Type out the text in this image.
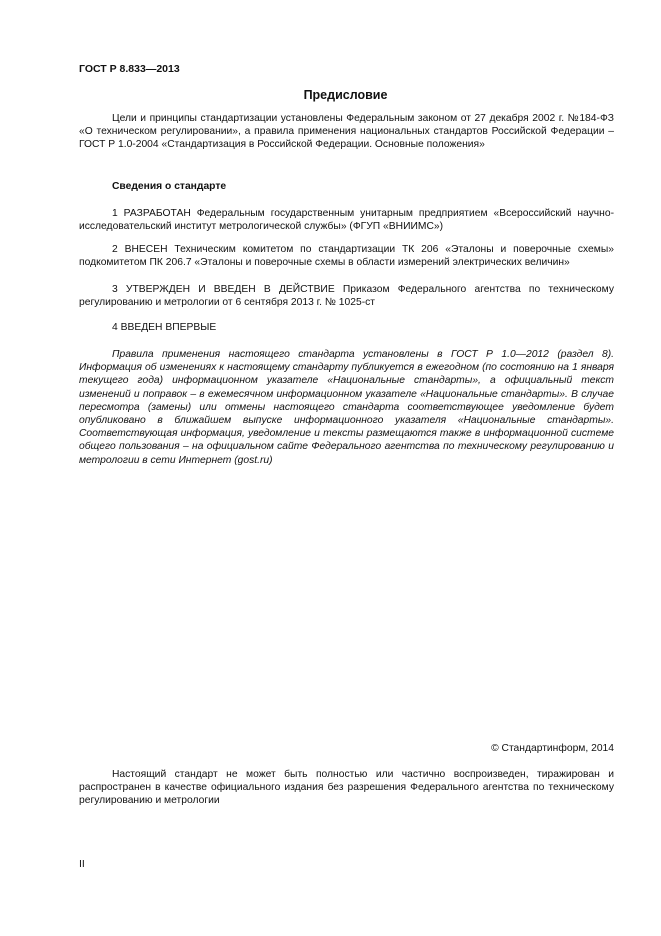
ГОСТ Р 8.833—2013
Предисловие

Цели и принципы стандартизации установлены Федеральным законом от 27 декабря 2002 г. №184-ФЗ «О техническом регулировании», а правила применения национальных стандартов Российской Федерации – ГОСТ Р 1.0-2004 «Стандартизация в Российской Федерации. Основные положения»

Сведения о стандарте

1 РАЗРАБОТАН Федеральным государственным унитарным предприятием «Всероссийский научно-исследовательский институт метрологической службы» (ФГУП «ВНИИМС»)

2 ВНЕСЕН Техническим комитетом по стандартизации ТК 206 «Эталоны и поверочные схемы» подкомитетом ПК 206.7 «Эталоны и поверочные схемы в области измерений электрических величин»

3 УТВЕРЖДЕН И ВВЕДЕН В ДЕЙСТВИЕ Приказом Федерального агентства по техническому регулированию и метрологии от 6 сентября 2013 г. № 1025-ст

4 ВВЕДЕН ВПЕРВЫЕ

Правила применения настоящего стандарта установлены в ГОСТ Р 1.0—2012 (раздел 8). Информация об изменениях к настоящему стандарту публикуется в ежегодном (по состоянию на 1 января текущего года) информационном указателе «Национальные стандарты», а официальный текст изменений и поправок – в ежемесячном информационном указателе «Национальные стандарты». В случае пересмотра (замены) или отмены настоящего стандарта соответствующее уведомление будет опубликовано в ближайшем выпуске информационного указателя «Национальные стандарты». Соответствующая информация, уведомление и тексты размещаются также в информационной системе общего пользования – на официальном сайте Федерального агентства по техническому регулированию и метрологии в сети Интернет (gost.ru)

© Стандартинформ, 2014

Настоящий стандарт не может быть полностью или частично воспроизведен, тиражирован и распространен в качестве официального издания без разрешения Федерального агентства по техническому регулированию и метрологии

II
